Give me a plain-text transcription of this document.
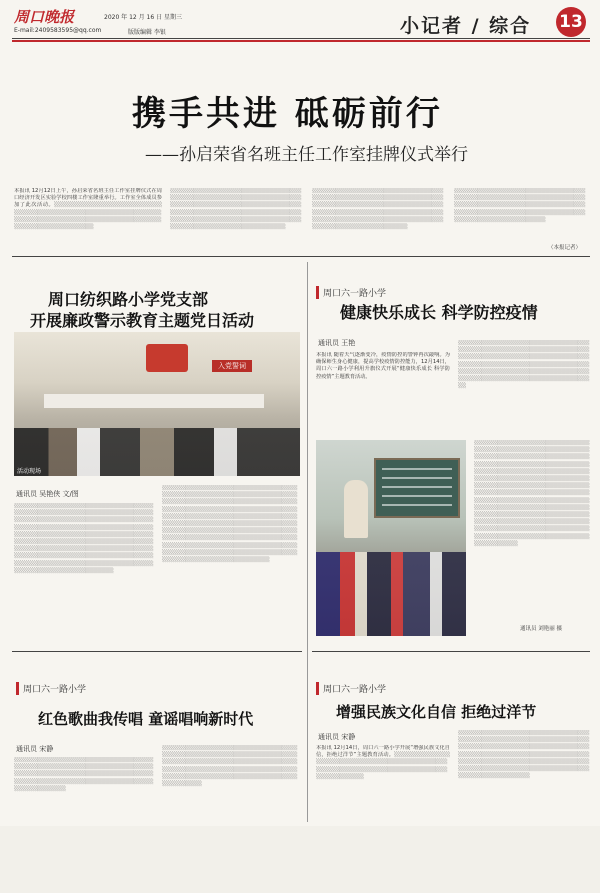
周口晚报	2020 年 12 月 16 日 星期三
E-mail:2409583595@qq.com	版版编辑 李银	小记者 / 综合 13
携手共进 砥砺前行
——孙启荣省名班主任工作室挂牌仪式举行
本报讯 12月12日上午，孙启荣省名班主任工作室挂牌仪式在周口经济开发区实验学校四楼工作室隆重举行。工作室全体成员参加了此次活动。░░░░░░░░░░░░░░░░░░░░░░░░░░░░░░░░░░░░░░░░░░░░░░░░░░░░░░░░░░░░░░░░░░░░░░░░░░░░░░░░░░░░░░░░░░░░░░░░░░░░░░░░░░░░░░░░░░░░░░░░░
░░░░░░░░░░░░░░░░░░░░░░░░░░░░░░░░░░░░░░░░░░░░░░░░░░░░░░░░░░░░░░░░░░░░░░░░░░░░░░░░░░░░░░░░░░░░░░░░░░░░░░░░░░░░░░░░░░░░░░░░░░░░░░░░░░░░░░░░░░░░░░░░░░░░░░░░░░░░░░░░░░░░░░░░░░░░░░░░░░░░░░░░░░░░░░░░░░
░░░░░░░░░░░░░░░░░░░░░░░░░░░░░░░░░░░░░░░░░░░░░░░░░░░░░░░░░░░░░░░░░░░░░░░░░░░░░░░░░░░░░░░░░░░░░░░░░░░░░░░░░░░░░░░░░░░░░░░░░░░░░░░░░░░░░░░░░░░░░░░░░░░░░░░░░░░░░░░░░░░░░░░░░░░░░░░░░░░░░░░░░░░░░
░░░░░░░░░░░░░░░░░░░░░░░░░░░░░░░░░░░░░░░░░░░░░░░░░░░░░░░░░░░░░░░░░░░░░░░░░░░░░░░░░░░░░░░░░░░░░░░░░░░░░░░░░░░░░░░░░░░░░░░░░░░░░░░░░░░░░░░░░░░░░░░░░░░░░░░░░░░
（本报记者）
周口纺织路小学党支部
开展廉政警示教育主题党日活动
入党誓词
活动现场
通讯员 吴艳侠 文/图
░░░░░░░░░░░░░░░░░░░░░░░░░░░░░░░░░░░░░░░░░░░░░░░░░░░░░░░░░░░░░░░░░░░░░░░░░░░░░░░░░░░░░░░░░░░░░░░░░░░░░░░░░░░░░░░░░░░░░░░░░░░░░░░░░░░░░░░░░░░░░░░░░░░░░░░░░░░░░░░░░░░░░░░░░░░░░░░░░░░░░░░░░░░░░░░░░░░░░░░░░░░░░░░░░░░░░░░░░░░░░░░░░░░░░░░░░░░░░░░░░░░░░░░░░░░░░░░░░░░░░░░░░░░░░░░░░░░░░░░░░░░░░░░░░░░░░░░░░░░░░░░░░░░░░░░░░░░░░░░░░░░░░░░░░░░░░░░░░░░░
░░░░░░░░░░░░░░░░░░░░░░░░░░░░░░░░░░░░░░░░░░░░░░░░░░░░░░░░░░░░░░░░░░░░░░░░░░░░░░░░░░░░░░░░░░░░░░░░░░░░░░░░░░░░░░░░░░░░░░░░░░░░░░░░░░░░░░░░░░░░░░░░░░░░░░░░░░░░░░░░░░░░░░░░░░░░░░░░░░░░░░░░░░░░░░░░░░░░░░░░░░░░░░░░░░░░░░░░░░░░░░░░░░░░░░░░░░░░░░░░░░░░░░░░░░░░░░░░░░░░░░░░░░░░░░░░░░░░░░░░░░░░░░░░░░░░░░░░░░░░░░░░░░░░░░░░░░░░░░░░░░░░░░░░░░░░░░░░░░░░░░░░░░░░░░░░░░░░░░░░░░░░░░░
周口六一路小学
红色歌曲我传唱 童谣唱响新时代
通讯员 宋静
░░░░░░░░░░░░░░░░░░░░░░░░░░░░░░░░░░░░░░░░░░░░░░░░░░░░░░░░░░░░░░░░░░░░░░░░░░░░░░░░░░░░░░░░░░░░░░░░░░░░░░░░░░░░░░░░░░░░░░░░░░░░░░░░░░░░░░░░░░░░░░░░░░░░░░░░░
░░░░░░░░░░░░░░░░░░░░░░░░░░░░░░░░░░░░░░░░░░░░░░░░░░░░░░░░░░░░░░░░░░░░░░░░░░░░░░░░░░░░░░░░░░░░░░░░░░░░░░░░░░░░░░░░░░░░░░░░░░░░░░░░░░░░░░░░░░░░░░░░░░░░░░░░░░░░░░░░░░░░░░░░░░░░░░░░░░░░
周口六一路小学
健康快乐成长 科学防控疫情
通讯员 王艳
本报讯 随着天气逐渐变冷，疫情防控的警钟再次敲响。为确保师生身心健康，提高学校疫情防控能力，12月14日，周口六一路小学利用升旗仪式开展“健康快乐成长 科学防控疫情”主题教育活动。
░░░░░░░░░░░░░░░░░░░░░░░░░░░░░░░░░░░░░░░░░░░░░░░░░░░░░░░░░░░░░░░░░░░░░░░░░░░░░░░░░░░░░░░░░░░░░░░░░░░░░░░░░░░░░░░░░░░░░░░░░░░░░░░░░░░░░░░░░░░░░░░░░░░░░░░░░░░░░░░░░░░░░░░░░░░░░░░░░░░░░░░░░░░░░░░░░░░░░░░░
░░░░░░░░░░░░░░░░░░░░░░░░░░░░░░░░░░░░░░░░░░░░░░░░░░░░░░░░░░░░░░░░░░░░░░░░░░░░░░░░░░░░░░░░░░░░░░░░░░░░░░░░░░░░░░░░░░░░░░░░░░░░░░░░░░░░░░░░░░░░░░░░░░░░░░░░░░░░░░░░░░░░░░░░░░░░░░░░░░░░░░░░░░░░░░░░░░░░░░░░░░░░░░░░░░░░░░░░░░░░░░░░░░░░░░░░░░░░░░░░░░░░░░░░░░░░░░░░░░░░░░░░░░░░░░░░░░░░░░░░░░░░░░░░░░░░░░░░░░░░░░░░░░░░░░░░░░░░░░░░░░░░░░░░░░░░░░░░░░░░░░░░░░░░░░░░░░░░░░░░░░░░░░░░░░░░░░░░░░░░░░░░░░░░░░░░░░░░░░░░░░░░░░░░░░░░░░░░░
通讯员 刘艳丽 摄
周口六一路小学
增强民族文化自信 拒绝过洋节
通讯员 宋静
本报讯 12月14日，周口六一路小学开展“增强民族文化自信，拒绝过洋节”主题教育活动。░░░░░░░░░░░░░░░░░░░░░░░░░░░░░░░░░░░░░░░░░░░░░░░░░░░░░░░░░░░░░░░░░░░░░░░░░░░░░░░░░░░░░░░░░░░░
░░░░░░░░░░░░░░░░░░░░░░░░░░░░░░░░░░░░░░░░░░░░░░░░░░░░░░░░░░░░░░░░░░░░░░░░░░░░░░░░░░░░░░░░░░░░░░░░░░░░░░░░░░░░░░░░░░░░░░░░░░░░░░░░░░░░░░░░░░░░░░░░░░░░░░░░░░░░░░░░░░░░░░░░░░░░░░░░░░░░░░░░░░░░░░░░░░░░░░░░░░░░░░░░░░░░░░░░
